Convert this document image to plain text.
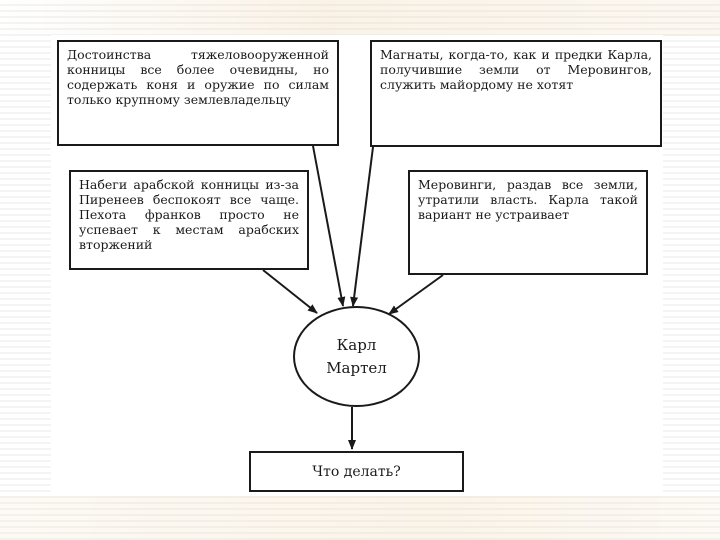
Достоинства тяжеловооруженной конницы все более очевидны, но содержать коня и оружие по силам только крупному землевладельцу
Магнаты, когда-то, как и предки Карла, получившие земли от Меровингов, служить майордому не хотят
Набеги арабской конницы из-за Пиренеев беспокоят все чаще. Пехота франков просто не успевает к местам арабских вторжений
Меровинги, раздав все земли, утратили власть. Карла такой вариант не устраивает
Карл
Мартел
Что делать?
